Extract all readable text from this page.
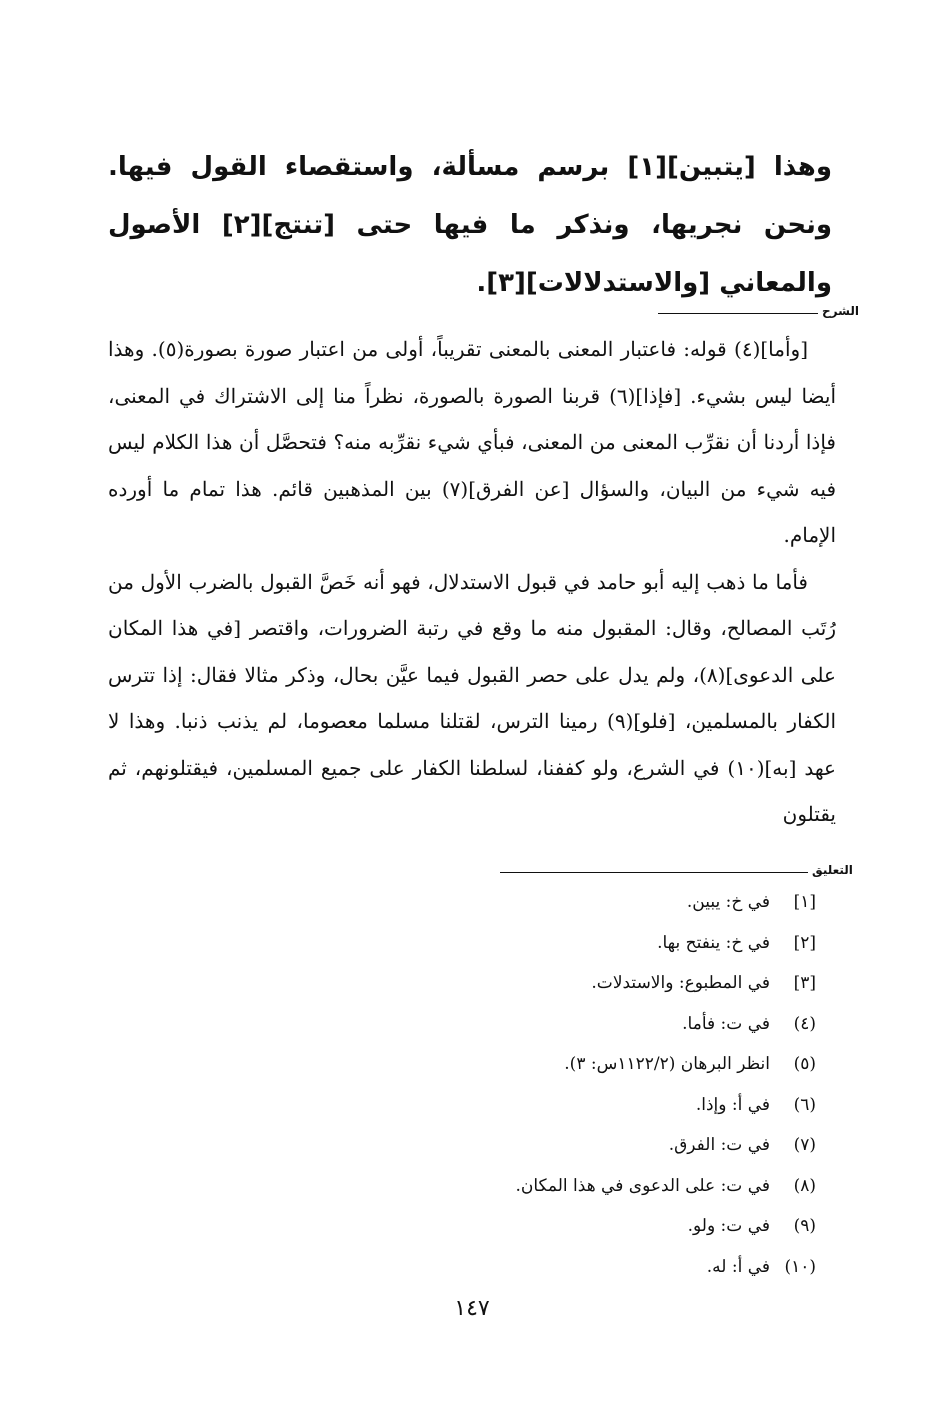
وهذا [يتبين][١] برسم مسألة، واستقصاء القول فيها. ونحن نجريها، ونذكر ما فيها حتى [تنتج][٢] الأصول والمعاني [والاستدلالات][٣].
الشرح

[وأما](٤) قوله: فاعتبار المعنى بالمعنى تقريباً، أولى من اعتبار صورة بصورة(٥). وهذا أيضا ليس بشيء. [فإذا](٦) قربنا الصورة بالصورة، نظراً منا إلى الاشتراك في المعنى، فإذا أردنا أن نقرِّب المعنى من المعنى، فبأي شيء نقرِّبه منه؟ فتحصَّل أن هذا الكلام ليس فيه شيء من البيان، والسؤال [عن الفرق](٧) بين المذهبين قائم. هذا تمام ما أورده الإمام.

فأما ما ذهب إليه أبو حامد في قبول الاستدلال، فهو أنه خَصَّ القبول بالضرب الأول من رُتَب المصالح، وقال: المقبول منه ما وقع في رتبة الضرورات، واقتصر [في هذا المكان على الدعوى](٨)، ولم يدل على حصر القبول فيما عيَّن بحال، وذكر مثالا فقال: إذا تترس الكفار بالمسلمين، [فلو](٩) رمينا الترس، لقتلنا مسلما معصوما، لم يذنب ذنبا. وهذا لا عهد [به](١٠) في الشرع، ولو كففنا، لسلطنا الكفار على جميع المسلمين، فيقتلونهم، ثم يقتلون

التعليق
[١]في خ: يبين.
[٢]في خ: ينفتح بها.
[٣]في المطبوع: والاستدلات.
(٤)في ت: فأما.
(٥)انظر البرهان (١١٢٢/٢س: ٣).
(٦)في أ: وإذا.
(٧)في ت: الفرق.
(٨)في ت: على الدعوى في هذا المكان.
(٩)في ت: ولو.
(١٠)في أ: له.
١٤٧
